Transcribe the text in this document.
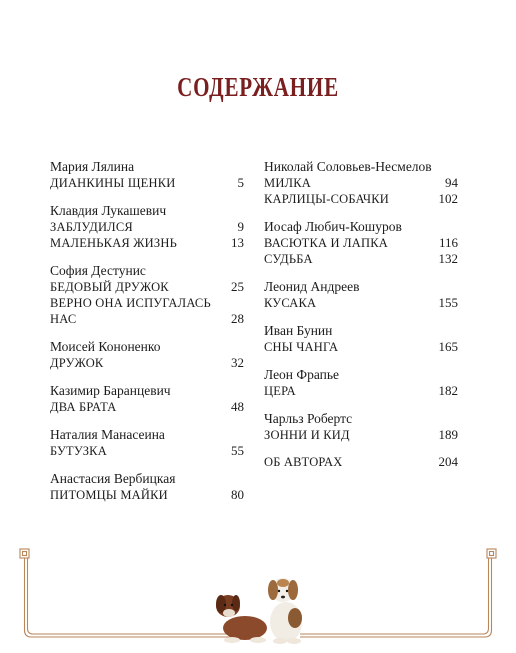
СОДЕРЖАНИЕ
Мария Лялина
ДИАНКИНЫ ЩЕНКИ	5
Клавдия Лукашевич
ЗАБЛУДИЛСЯ	9
МАЛЕНЬКАЯ ЖИЗНЬ	13
София Дестунис
БЕДОВЫЙ ДРУЖОК	25
ВЕРНО ОНА ИСПУГАЛАСЬ
НАС	28
Моисей Кононенко
ДРУЖОК	32
Казимир Баранцевич
ДВА БРАТА	48
Наталия Манасеина
БУТУЗКА	55
Анастасия Вербицкая
ПИТОМЦЫ МАЙКИ	80
Николай Соловьев-Несмелов
МИЛКА	94
КАРЛИЦЫ-СОБАЧКИ	102
Иосаф Любич-Кошуров
ВАСЮТКА И ЛАПКА	116
СУДЬБА	132
Леонид Андреев
КУСАКА	155
Иван Бунин
СНЫ ЧАНГА	165
Леон Фрапье
ЦЕРА	182
Чарльз Робертс
ЗОННИ И КИД	189
ОБ АВТОРАХ	204
